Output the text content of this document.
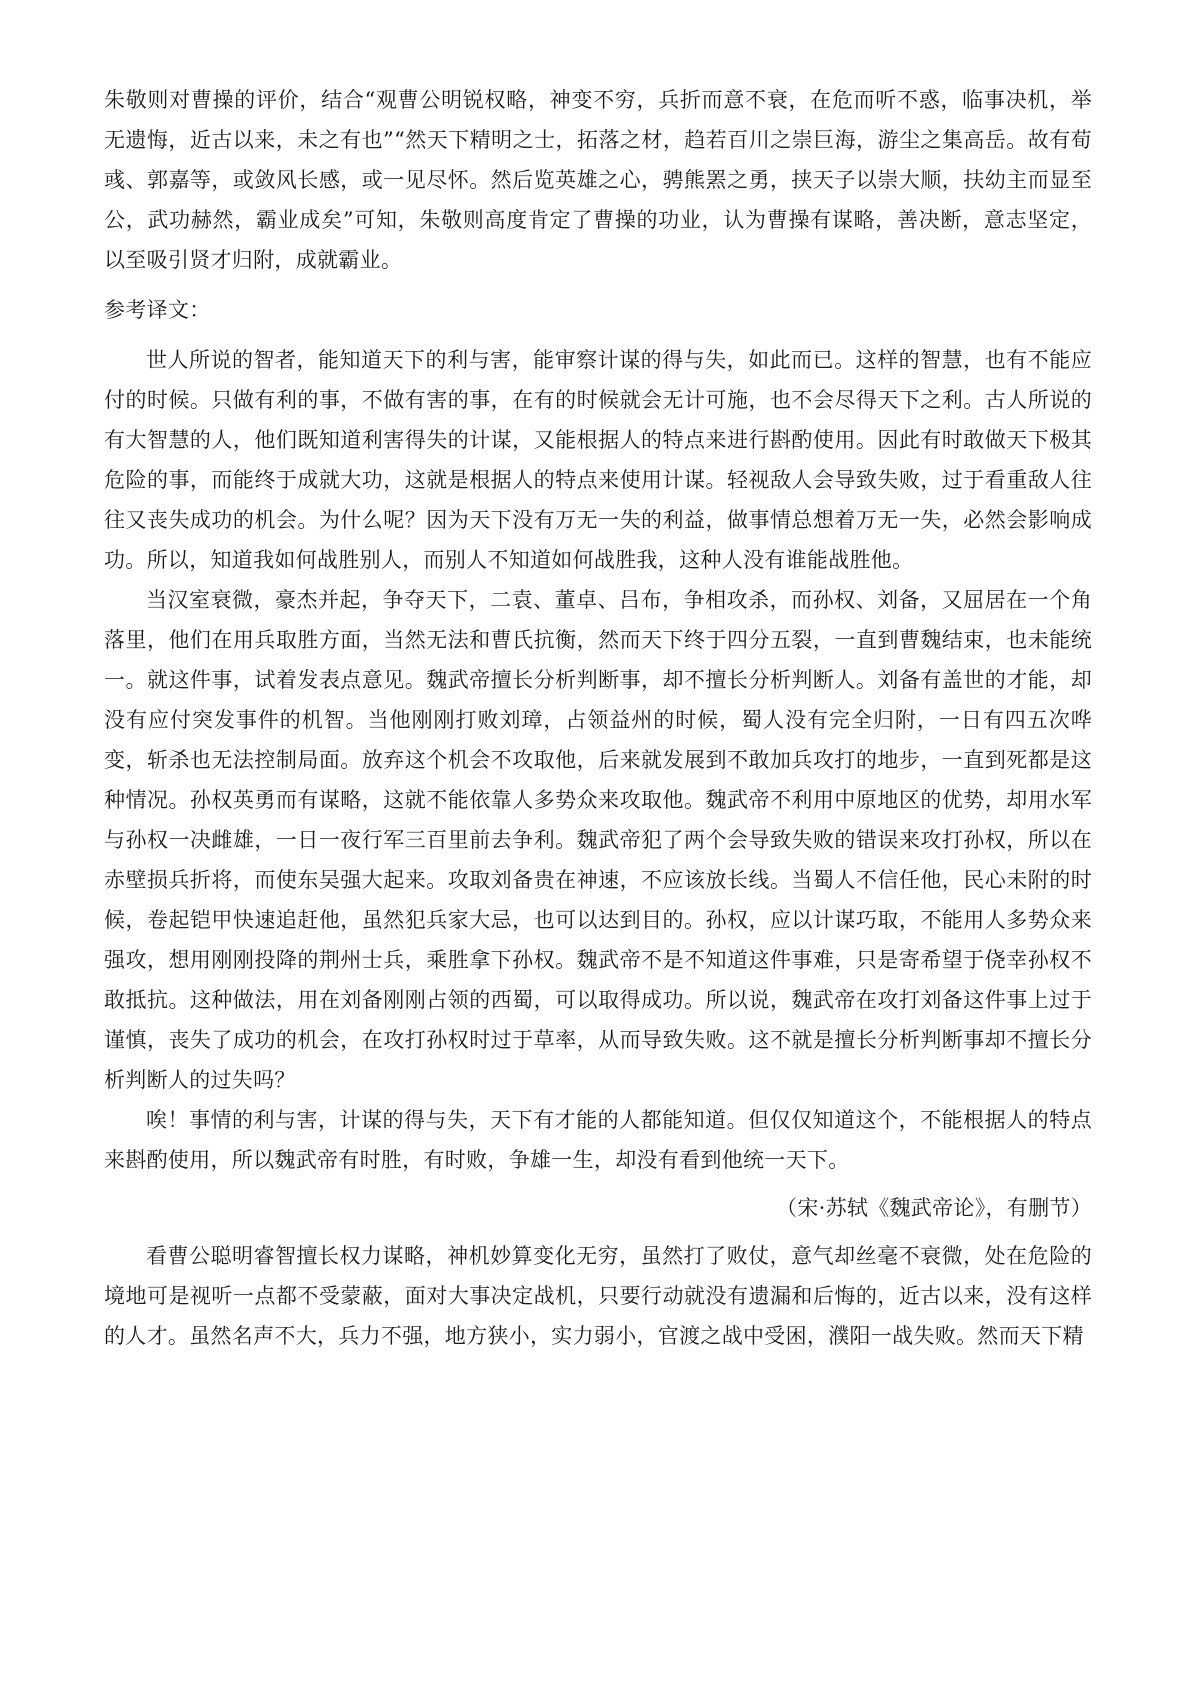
朱敬则对曹操的评价，结合“观曹公明锐权略，神变不穷，兵折而意不衰，在危而听不惑，临事决机，举无遗悔，近古以来，未之有也”“然天下精明之士，拓落之材，趋若百川之崇巨海，游尘之集高岳。故有荀彧、郭嘉等，或敛风长感，或一见尽怀。然后览英雄之心，骋熊罴之勇，挟天子以崇大顺，扶幼主而显至公，武功赫然，霸业成矣”可知，朱敬则高度肯定了曹操的功业，认为曹操有谋略，善决断，意志坚定，以至吸引贤才归附，成就霸业。

参考译文：

世人所说的智者，能知道天下的利与害，能审察计谋的得与失，如此而已。这样的智慧，也有不能应付的时候。只做有利的事，不做有害的事，在有的时候就会无计可施，也不会尽得天下之利。古人所说的有大智慧的人，他们既知道利害得失的计谋，又能根据人的特点来进行斟酌使用。因此有时敢做天下极其危险的事，而能终于成就大功，这就是根据人的特点来使用计谋。轻视敌人会导致失败，过于看重敌人往往又丧失成功的机会。为什么呢？因为天下没有万无一失的利益，做事情总想着万无一失，必然会影响成功。所以，知道我如何战胜别人，而别人不知道如何战胜我，这种人没有谁能战胜他。

当汉室衰微，豪杰并起，争夺天下，二袁、董卓、吕布，争相攻杀，而孙权、刘备，又屈居在一个角落里，他们在用兵取胜方面，当然无法和曹氏抗衡，然而天下终于四分五裂，一直到曹魏结束，也未能统一。就这件事，试着发表点意见。魏武帝擅长分析判断事，却不擅长分析判断人。刘备有盖世的才能，却没有应付突发事件的机智。当他刚刚打败刘璋，占领益州的时候，蜀人没有完全归附，一日有四五次哗变，斩杀也无法控制局面。放弃这个机会不攻取他，后来就发展到不敢加兵攻打的地步，一直到死都是这种情况。孙权英勇而有谋略，这就不能依靠人多势众来攻取他。魏武帝不利用中原地区的优势，却用水军与孙权一决雌雄，一日一夜行军三百里前去争利。魏武帝犯了两个会导致失败的错误来攻打孙权，所以在赤壁损兵折将，而使东吴强大起来。攻取刘备贵在神速，不应该放长线。当蜀人不信任他，民心未附的时候，卷起铠甲快速追赶他，虽然犯兵家大忌，也可以达到目的。孙权，应以计谋巧取，不能用人多势众来强攻，想用刚刚投降的荆州士兵，乘胜拿下孙权。魏武帝不是不知道这件事难，只是寄希望于侥幸孙权不敢抵抗。这种做法，用在刘备刚刚占领的西蜀，可以取得成功。所以说，魏武帝在攻打刘备这件事上过于谨慎，丧失了成功的机会，在攻打孙权时过于草率，从而导致失败。这不就是擅长分析判断事却不擅长分析判断人的过失吗？

唉！事情的利与害，计谋的得与失，天下有才能的人都能知道。但仅仅知道这个，不能根据人的特点来斟酌使用，所以魏武帝有时胜，有时败，争雄一生，却没有看到他统一天下。

（宋·苏轼《魏武帝论》，有删节）

看曹公聪明睿智擅长权力谋略，神机妙算变化无穷，虽然打了败仗，意气却丝毫不衰微，处在危险的境地可是视听一点都不受蒙蔽，面对大事决定战机，只要行动就没有遗漏和后悔的，近古以来，没有这样的人才。虽然名声不大，兵力不强，地方狭小，实力弱小，官渡之战中受困，濮阳一战失败。然而天下精
